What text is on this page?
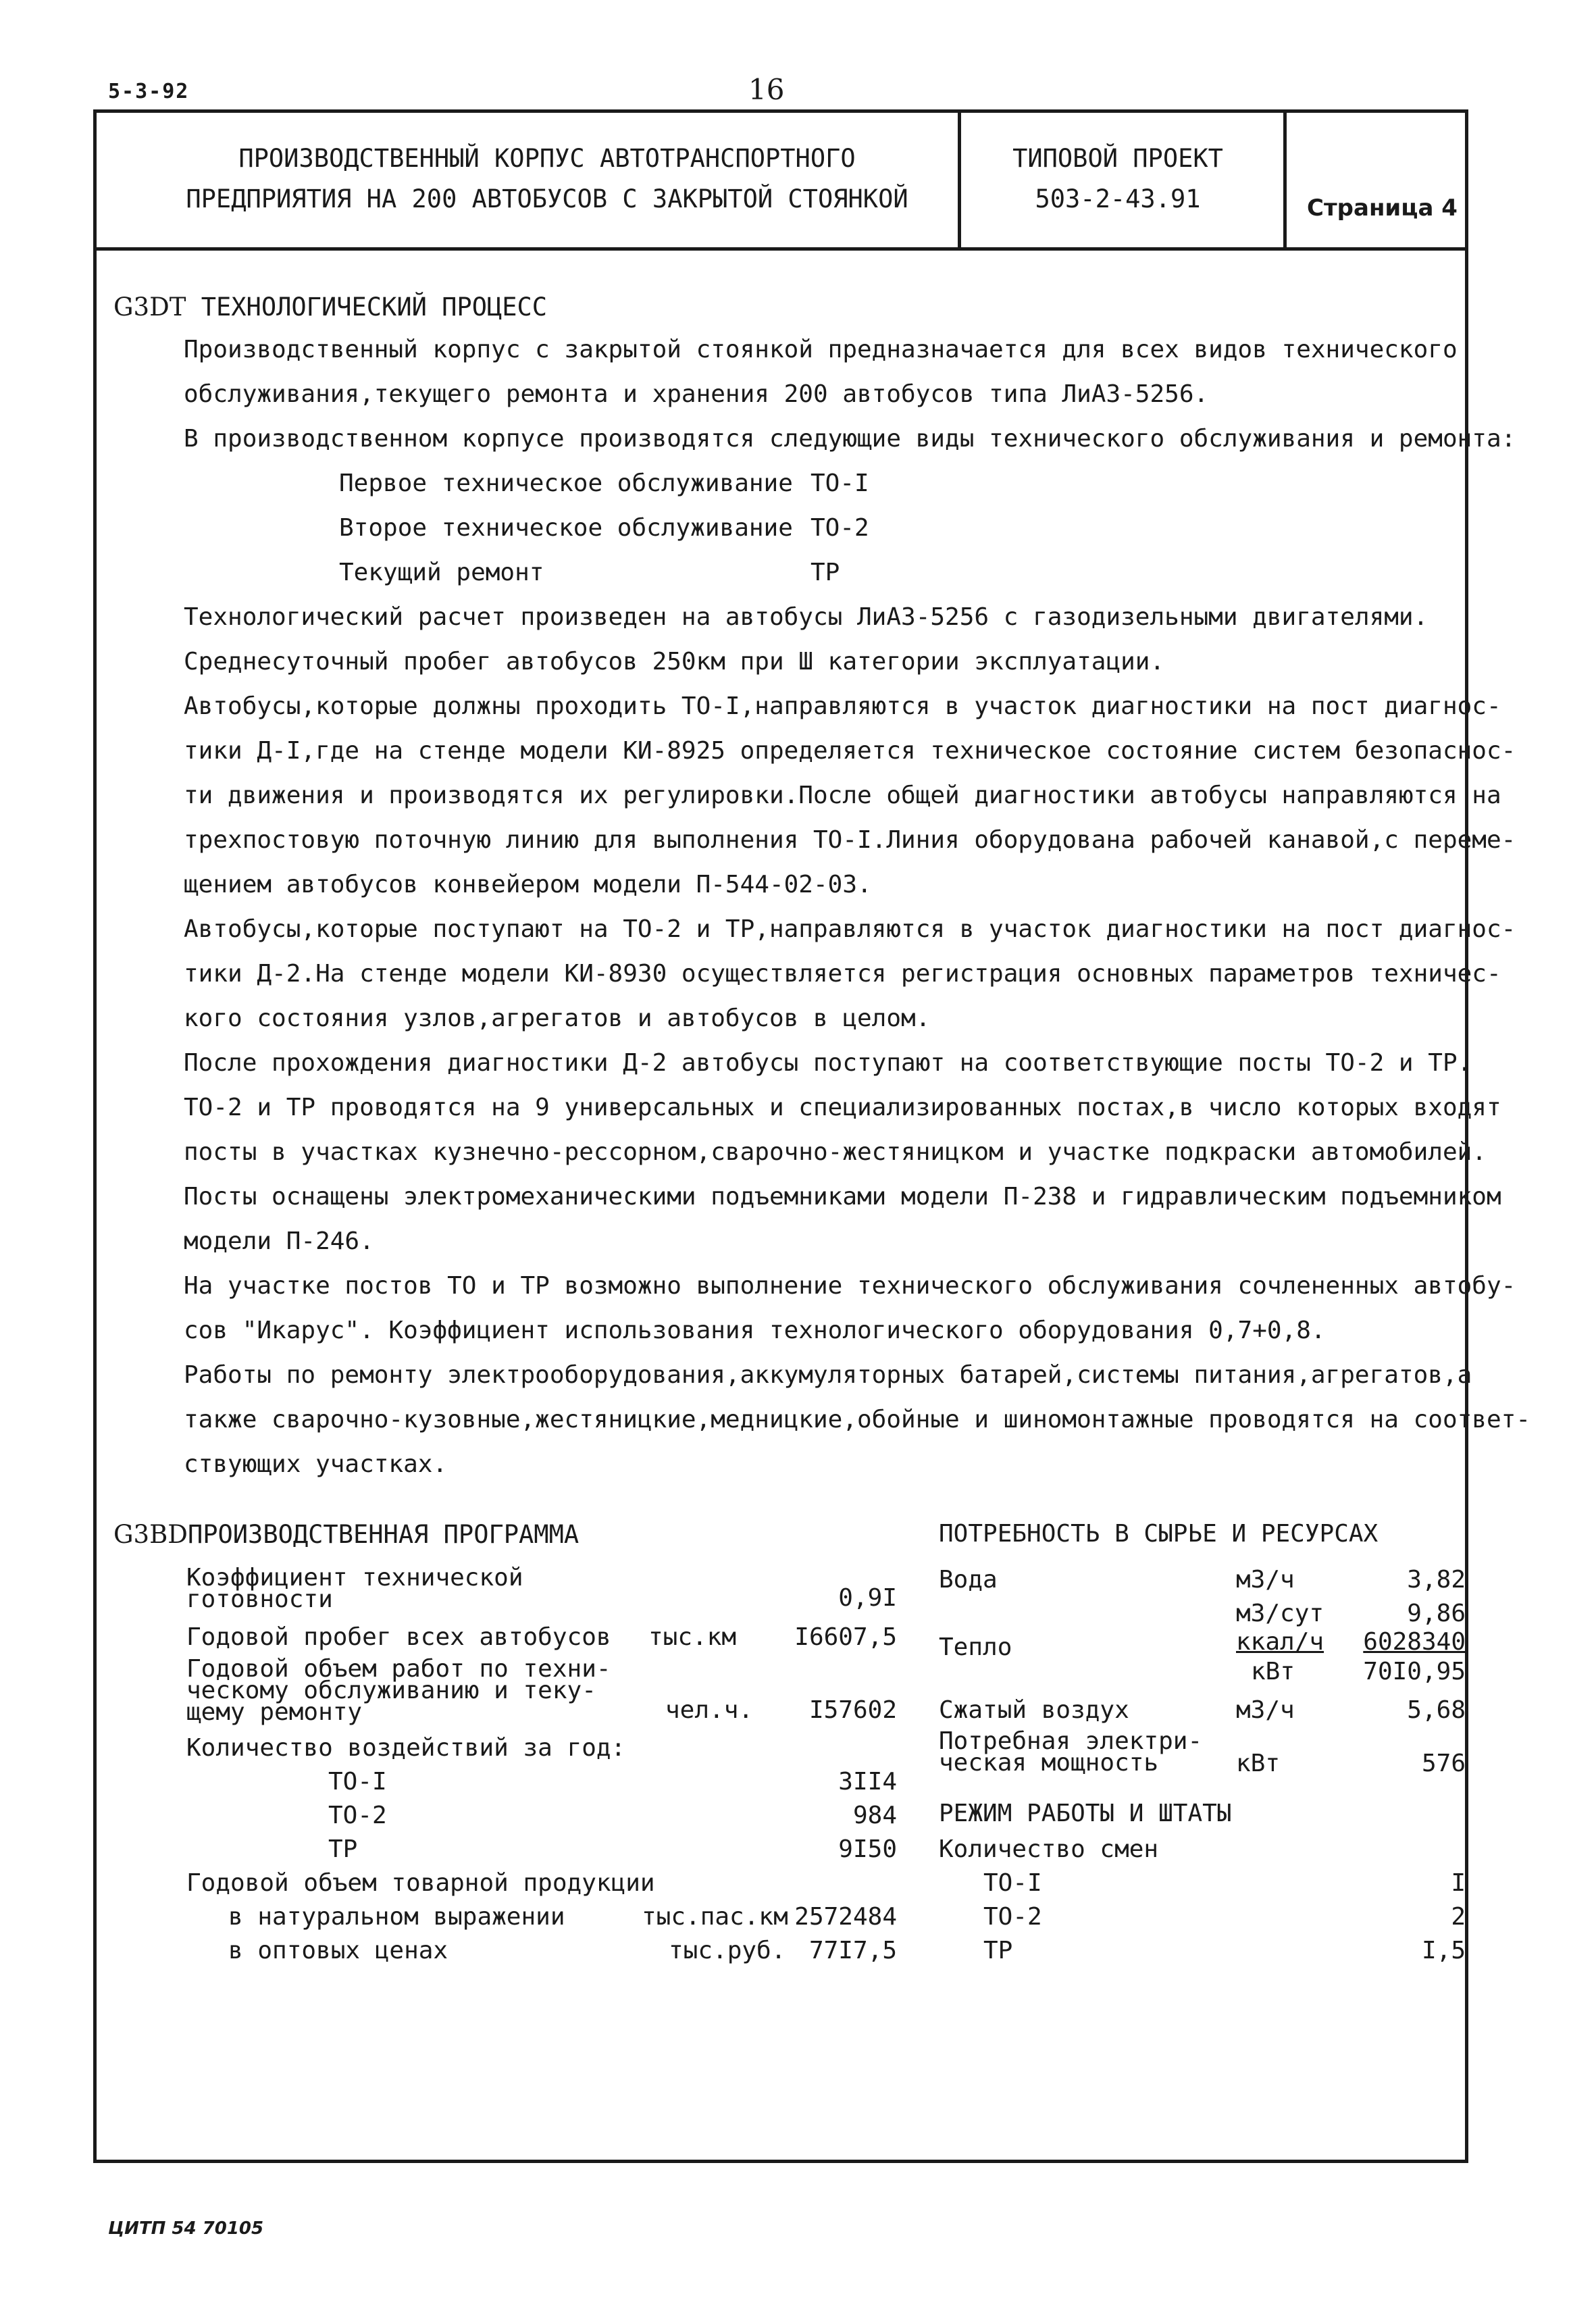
5-3-92	16
ПРОИЗВОДСТВЕННЫЙ КОРПУС АВТОТРАНСПОРТНОГО
ПРЕДПРИЯТИЯ НА 200 АВТОБУСОВ С ЗАКРЫТОЙ СТОЯНКОЙ
ТИПОВОЙ ПРОЕКТ
503-2-43.91	Страница 4
G3DT ТЕХНОЛОГИЧЕСКИЙ ПРОЦЕСС
Производственный корпус с закрытой стоянкой предназначается для всех видов технического
обслуживания,текущего ремонта и хранения 200 автобусов типа ЛиАЗ-5256.
В производственном корпусе производятся следующие виды технического обслуживания и ремонта:
Первое техническое обслуживание ТО-I
Второе техническое обслуживание ТО-2
Текущий ремонт	ТР
Технологический расчет произведен на автобусы ЛиАЗ-5256 с газодизельными двигателями.
Среднесуточный пробег автобусов 250км при Ш категории эксплуатации.
Автобусы,которые должны проходить ТО-I,направляются в участок диагностики на пост диагнос-
тики Д-I,где на стенде модели КИ-8925 определяется техническое состояние систем безопаснос-
ти движения и производятся их регулировки.После общей диагностики автобусы направляются на
трехпостовую поточную линию для выполнения ТО-I.Линия оборудована рабочей канавой,с переме-
щением автобусов конвейером модели П-544-02-03.
Автобусы,которые поступают на ТО-2 и ТР,направляются в участок диагностики на пост диагнос-
тики Д-2.На стенде модели КИ-8930 осуществляется регистрация основных параметров техничес-
кого состояния узлов,агрегатов и автобусов в целом.
После прохождения диагностики Д-2 автобусы поступают на соответствующие посты ТО-2 и ТР.
ТО-2 и ТР проводятся на 9 универсальных и специализированных постах,в число которых входят
посты в участках кузнечно-рессорном,сварочно-жестяницком и участке подкраски автомобилей.
Посты оснащены электромеханическими подъемниками модели П-238 и гидравлическим подъемником
модели П-246.
На участке постов ТО и ТР возможно выполнение технического обслуживания сочлененных автобу-
сов "Икарус". Коэффициент использования технологического оборудования 0,7+0,8.
Работы по ремонту электрооборудования,аккумуляторных батарей,системы питания,агрегатов,а
также сварочно-кузовные,жестяницкие,медницкие,обойные и шиномонтажные проводятся на соответ-
ствующих участках.
G3BDПРОИЗВОДСТВЕННАЯ ПРОГРАММА
Коэффициент технической
готовности	0,9I
Годовой пробег всех автобусов тыс.км	I6607,5
Годовой объем работ по техни-
ческому обслуживанию и теку-
щему ремонту	чел.ч.	I57602
Количество воздействий за год:
ТО-I	3II4
ТО-2	984
ТР	9I50
Годовой объем товарной продукции
в натуральном выражении	тыс.пас.км 2572484
в оптовых ценах	тыс.руб. 77I7,5
ПОТРЕБНОСТЬ В СЫРЬЕ И РЕСУРСАХ
Вода	м3/ч	3,82
м3/сут	9,86
Тепло	ккал/ч	6028340
кВт	70I0,95
Сжатый воздух	м3/ч	5,68
Потребная электри-
ческая мощность	кВт	576
РЕЖИМ РАБОТЫ И ШТАТЫ
Количество смен
ТО-I	I
ТО-2	2
ТР	I,5
ЦИТП 54 70105
